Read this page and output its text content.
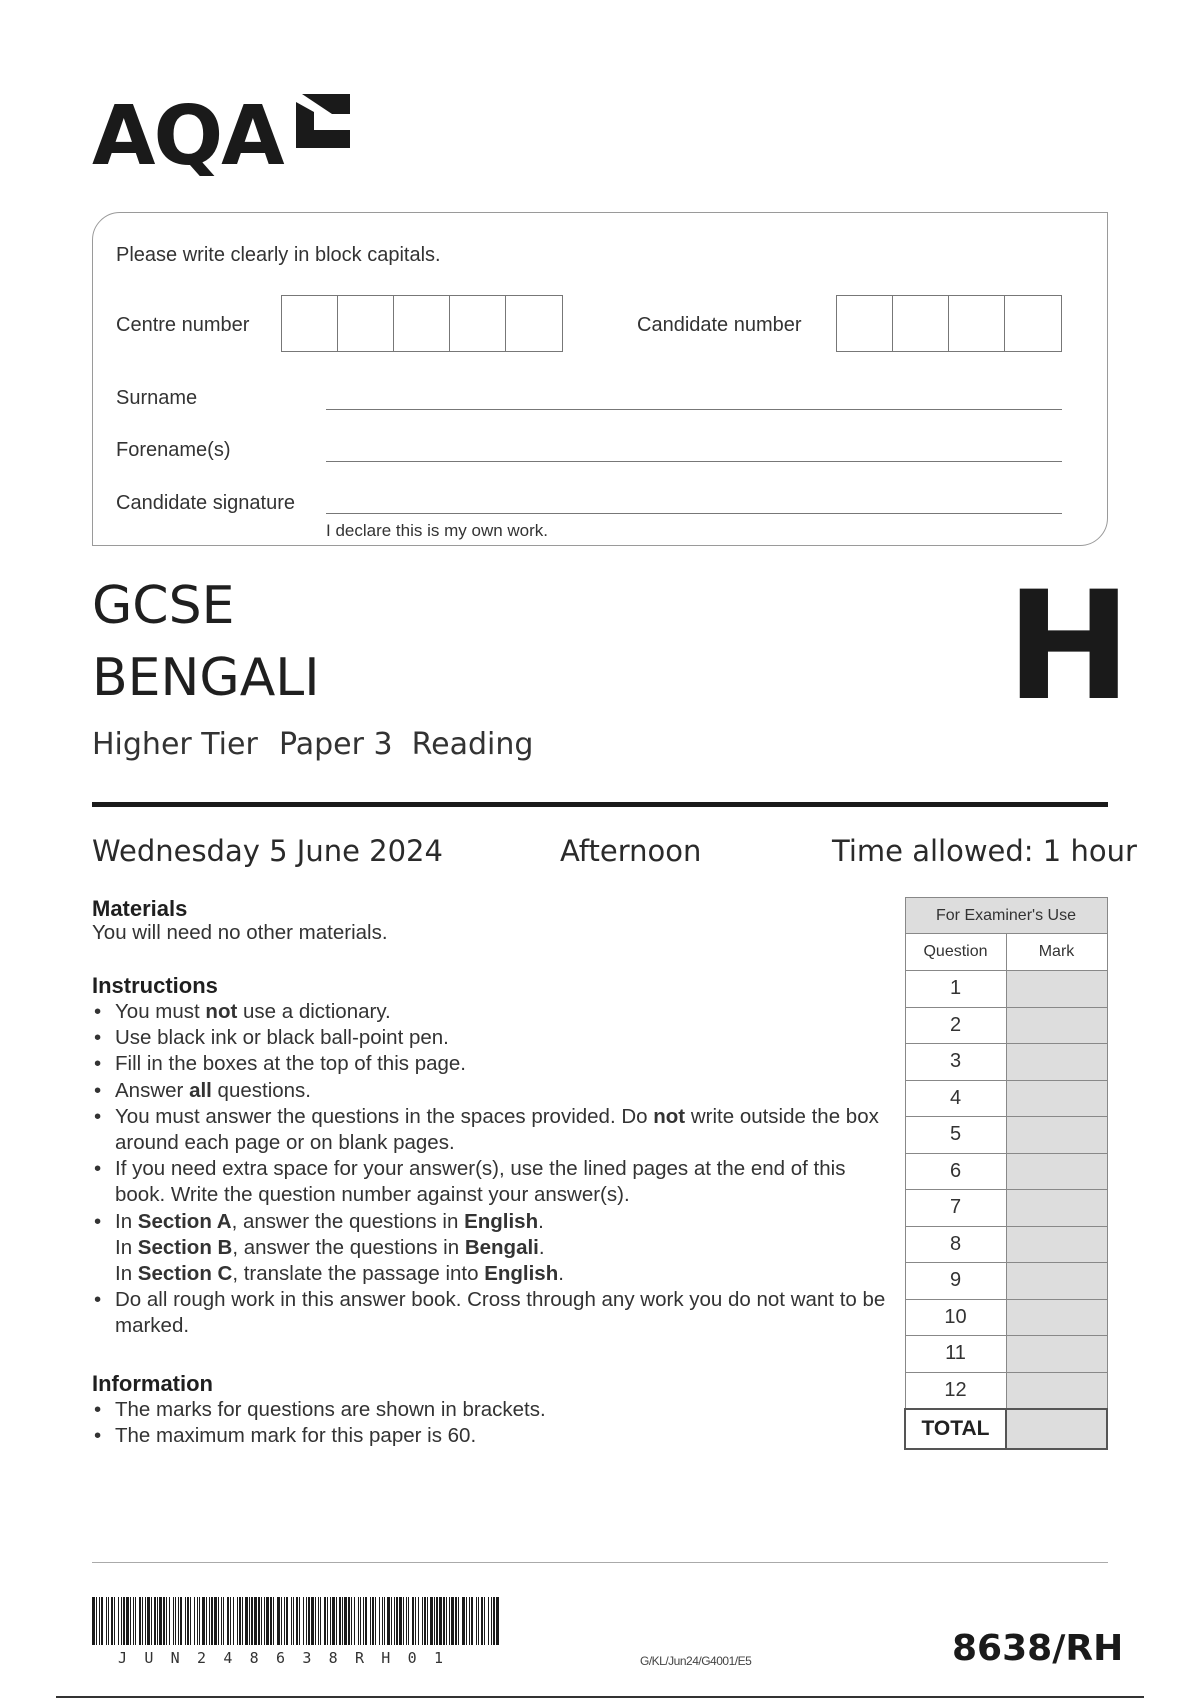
AQA
Please write clearly in block capitals.
Centre number	Candidate number
Surname
Forename(s)
Candidate signature
I declare this is my own work.
GCSE
BENGALI	H
Higher Tier Paper 3  Reading
Wednesday 5 June 2024	Afternoon	Time allowed: 1 hour
Materials
You will need no other materials.
Instructions
• You must not use a dictionary.
• Use black ink or black ball-point pen.
• Fill in the boxes at the top of this page.
• Answer all questions.
• You must answer the questions in the spaces provided. Do not write outside the box around each page or on blank pages.
• If you need extra space for your answer(s), use the lined pages at the end of this book. Write the question number against your answer(s).
• In Section A, answer the questions in English.
In Section B, answer the questions in Bengali.
In Section C, translate the passage into English.
• Do all rough work in this answer book. Cross through any work you do not want to be marked.
Information
• The marks for questions are shown in brackets.
• The maximum mark for this paper is 60.
For Examiner's Use	
Question	Mark
1	
2	
3	
4	
5	
6	
7	
8	
9	
10	
11	
12	
TOTAL	
JUN248638RH01	G/KL/Jun24/G4001/E5	8638/RH
